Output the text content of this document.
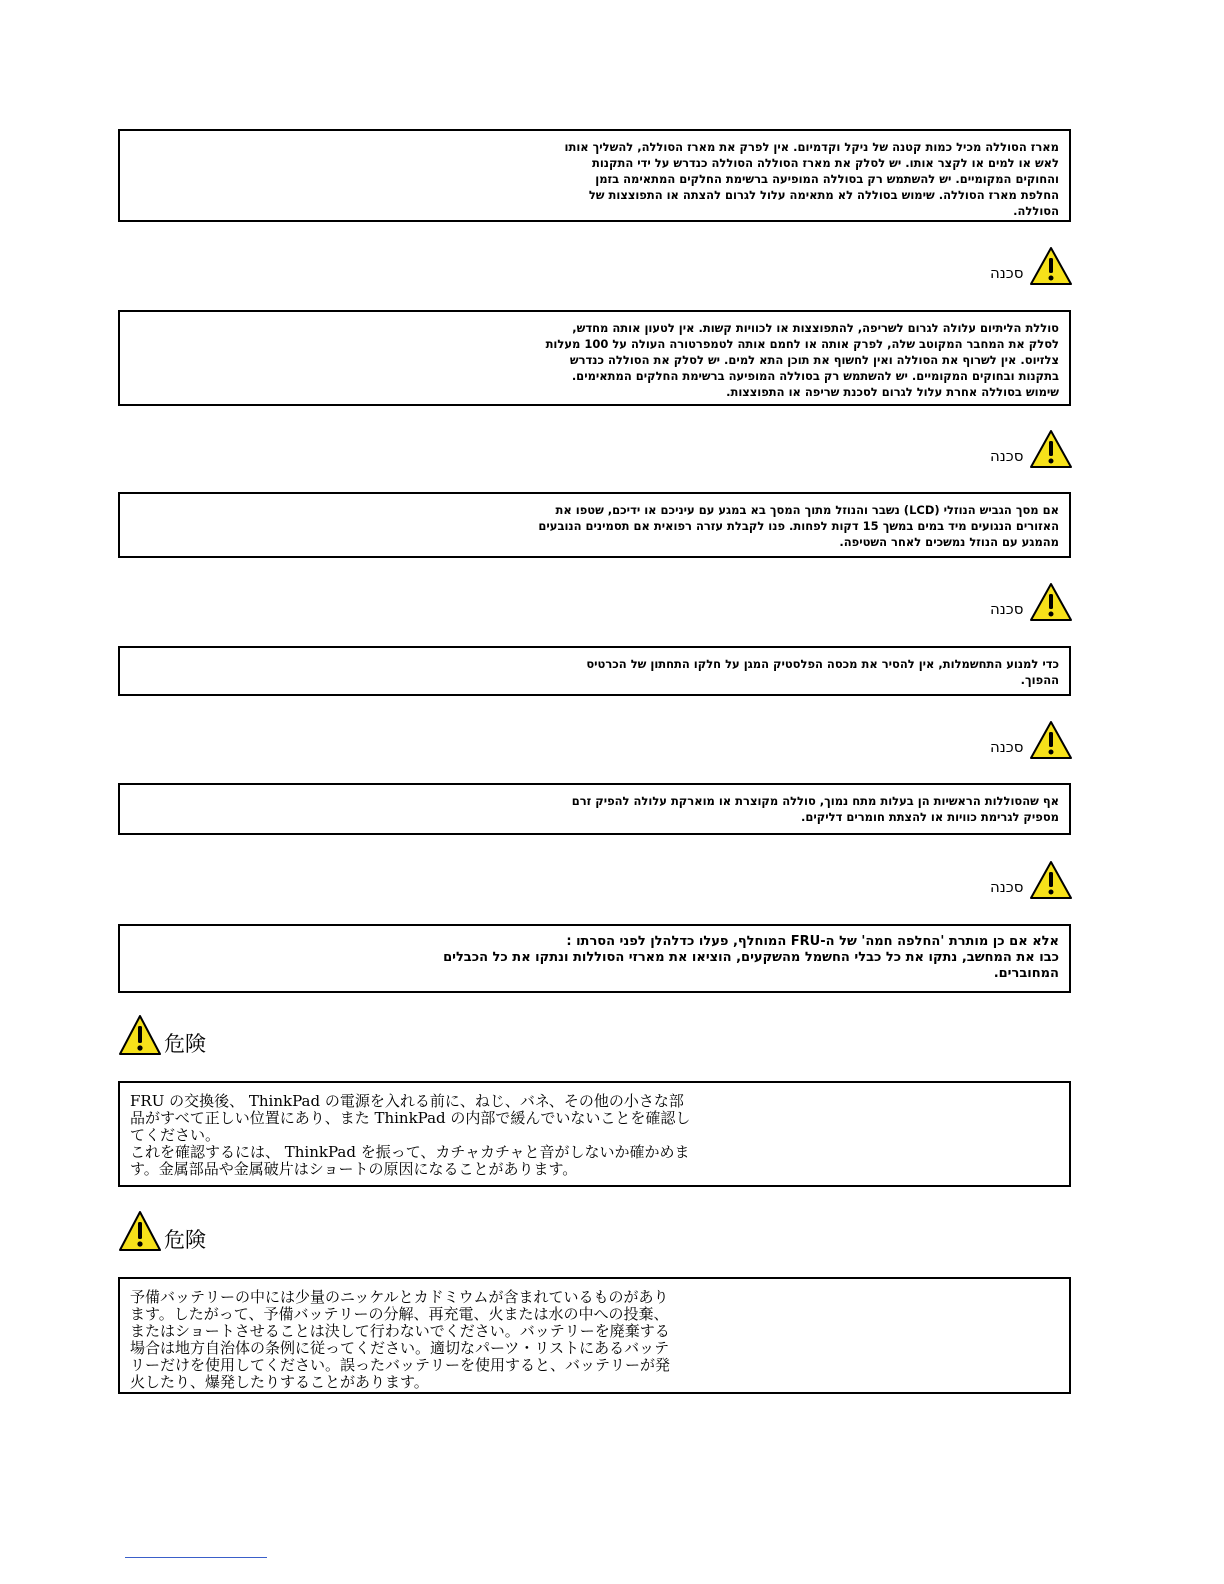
מארז הסוללה מכיל כמות קטנה של ניקל וקדמיום. אין לפרק את מארז הסוללה, להשליך אותו
לאש או למים או לקצר אותו. יש לסלק את מארז הסוללה הסוללה כנדרש על ידי התקנות
והחוקים המקומיים. יש להשתמש רק בסוללה המופיעה ברשימת החלקים המתאימה בזמן
החלפת מארז הסוללה. שימוש בסוללה לא מתאימה עלול לגרום להצתה או התפוצצות של
הסוללה.
סכנה
סוללת הליתיום עלולה לגרום לשריפה, להתפוצצות או לכוויות קשות. אין לטעון אותה מחדש,
לסלק את המחבר המקוטב שלה, לפרק אותה או לחמם אותה לטמפרטורה העולה על 100 מעלות
צלזיוס. אין לשרוף את הסוללה ואין לחשוף את תוכן התא למים. יש לסלק את הסוללה כנדרש
בתקנות ובחוקים המקומיים. יש להשתמש רק בסוללה המופיעה ברשימת החלקים המתאימים.
שימוש בסוללה אחרת עלול לגרום לסכנת שריפה או התפוצצות.
סכנה
אם מסך הגביש הנוזלי (LCD) נשבר והנוזל מתוך המסך בא במגע עם עיניכם או ידיכם, שטפו את
האזורים הנגועים מיד במים במשך 15 דקות לפחות. פנו לקבלת עזרה רפואית אם תסמינים הנובעים
מהמגע עם הנוזל נמשכים לאחר השטיפה.
סכנה
כדי למנוע התחשמלות, אין להסיר את מכסה הפלסטיק המגן על חלקו התחתון של הכרטיס
ההפוך.
סכנה
אף שהסוללות הראשיות הן בעלות מתח נמוך, סוללה מקוצרת או מוארקת עלולה להפיק זרם
מספיק לגרימת כוויות או להצתת חומרים דליקים.
סכנה
אלא אם כן מותרת 'החלפה חמה' של ה-FRU המוחלף, פעלו כדלהלן לפני הסרתו :
כבו את המחשב, נתקו את כל כבלי החשמל מהשקעים, הוציאו את מארזי הסוללות ונתקו את כל הכבלים
המחוברים.
危険
FRU の交換後、 ThinkPad の電源を入れる前に、ねじ、バネ、その他の小さな部
品がすべて正しい位置にあり、また ThinkPad の内部で緩んでいないことを確認し
てください。
これを確認するには、 ThinkPad を振って、カチャカチャと音がしないか確かめま
す。金属部品や金属破片はショートの原因になることがあります。
危険
予備バッテリーの中には少量のニッケルとカドミウムが含まれているものがあり
ます。したがって、予備バッテリーの分解、再充電、火または水の中への投棄、
またはショートさせることは決して行わないでください。バッテリーを廃棄する
場合は地方自治体の条例に従ってください。適切なパーツ・リストにあるバッテ
リーだけを使用してください。誤ったバッテリーを使用すると、バッテリーが発
火したり、爆発したりすることがあります。
